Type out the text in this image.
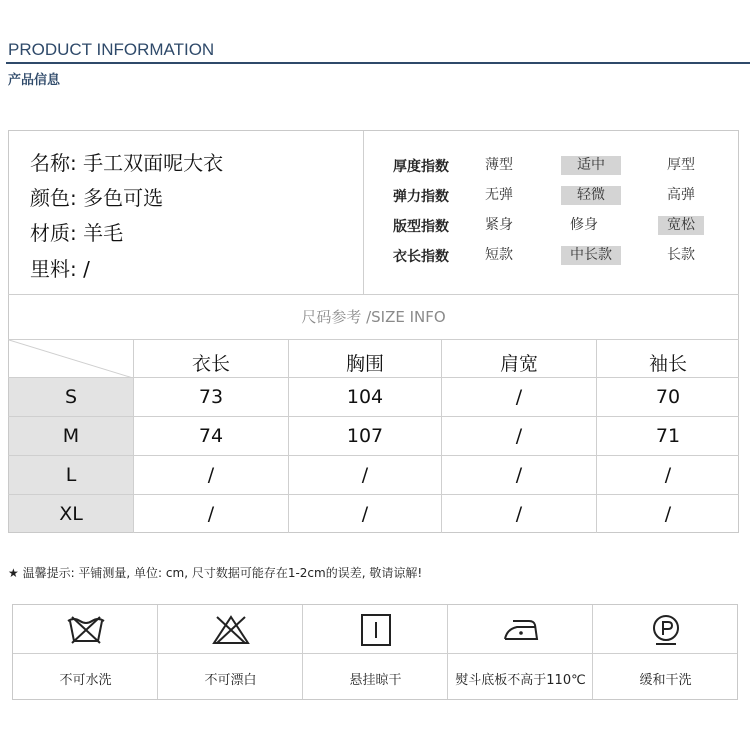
PRODUCT INFORMATION
产品信息
名称: 手工双面呢大衣
颜色: 多色可选
材质: 羊毛
里料: /
厚度指数	薄型	适中	厚型
弹力指数	无弹	轻微	高弹
版型指数	紧身	修身	宽松
衣长指数	短款	中长款	长款
尺码参考 /SIZE INFO
衣长	胸围	肩宽	袖长
S	73	104	/	70
M	74	107	/	71
L	/	/	/	/
XL	/	/	/	/
★ 温馨提示: 平铺测量, 单位: cm, 尺寸数据可能存在1-2cm的误差, 敬请谅解!
不可水洗	不可漂白	悬挂晾干	熨斗底板不高于110℃	缓和干洗
